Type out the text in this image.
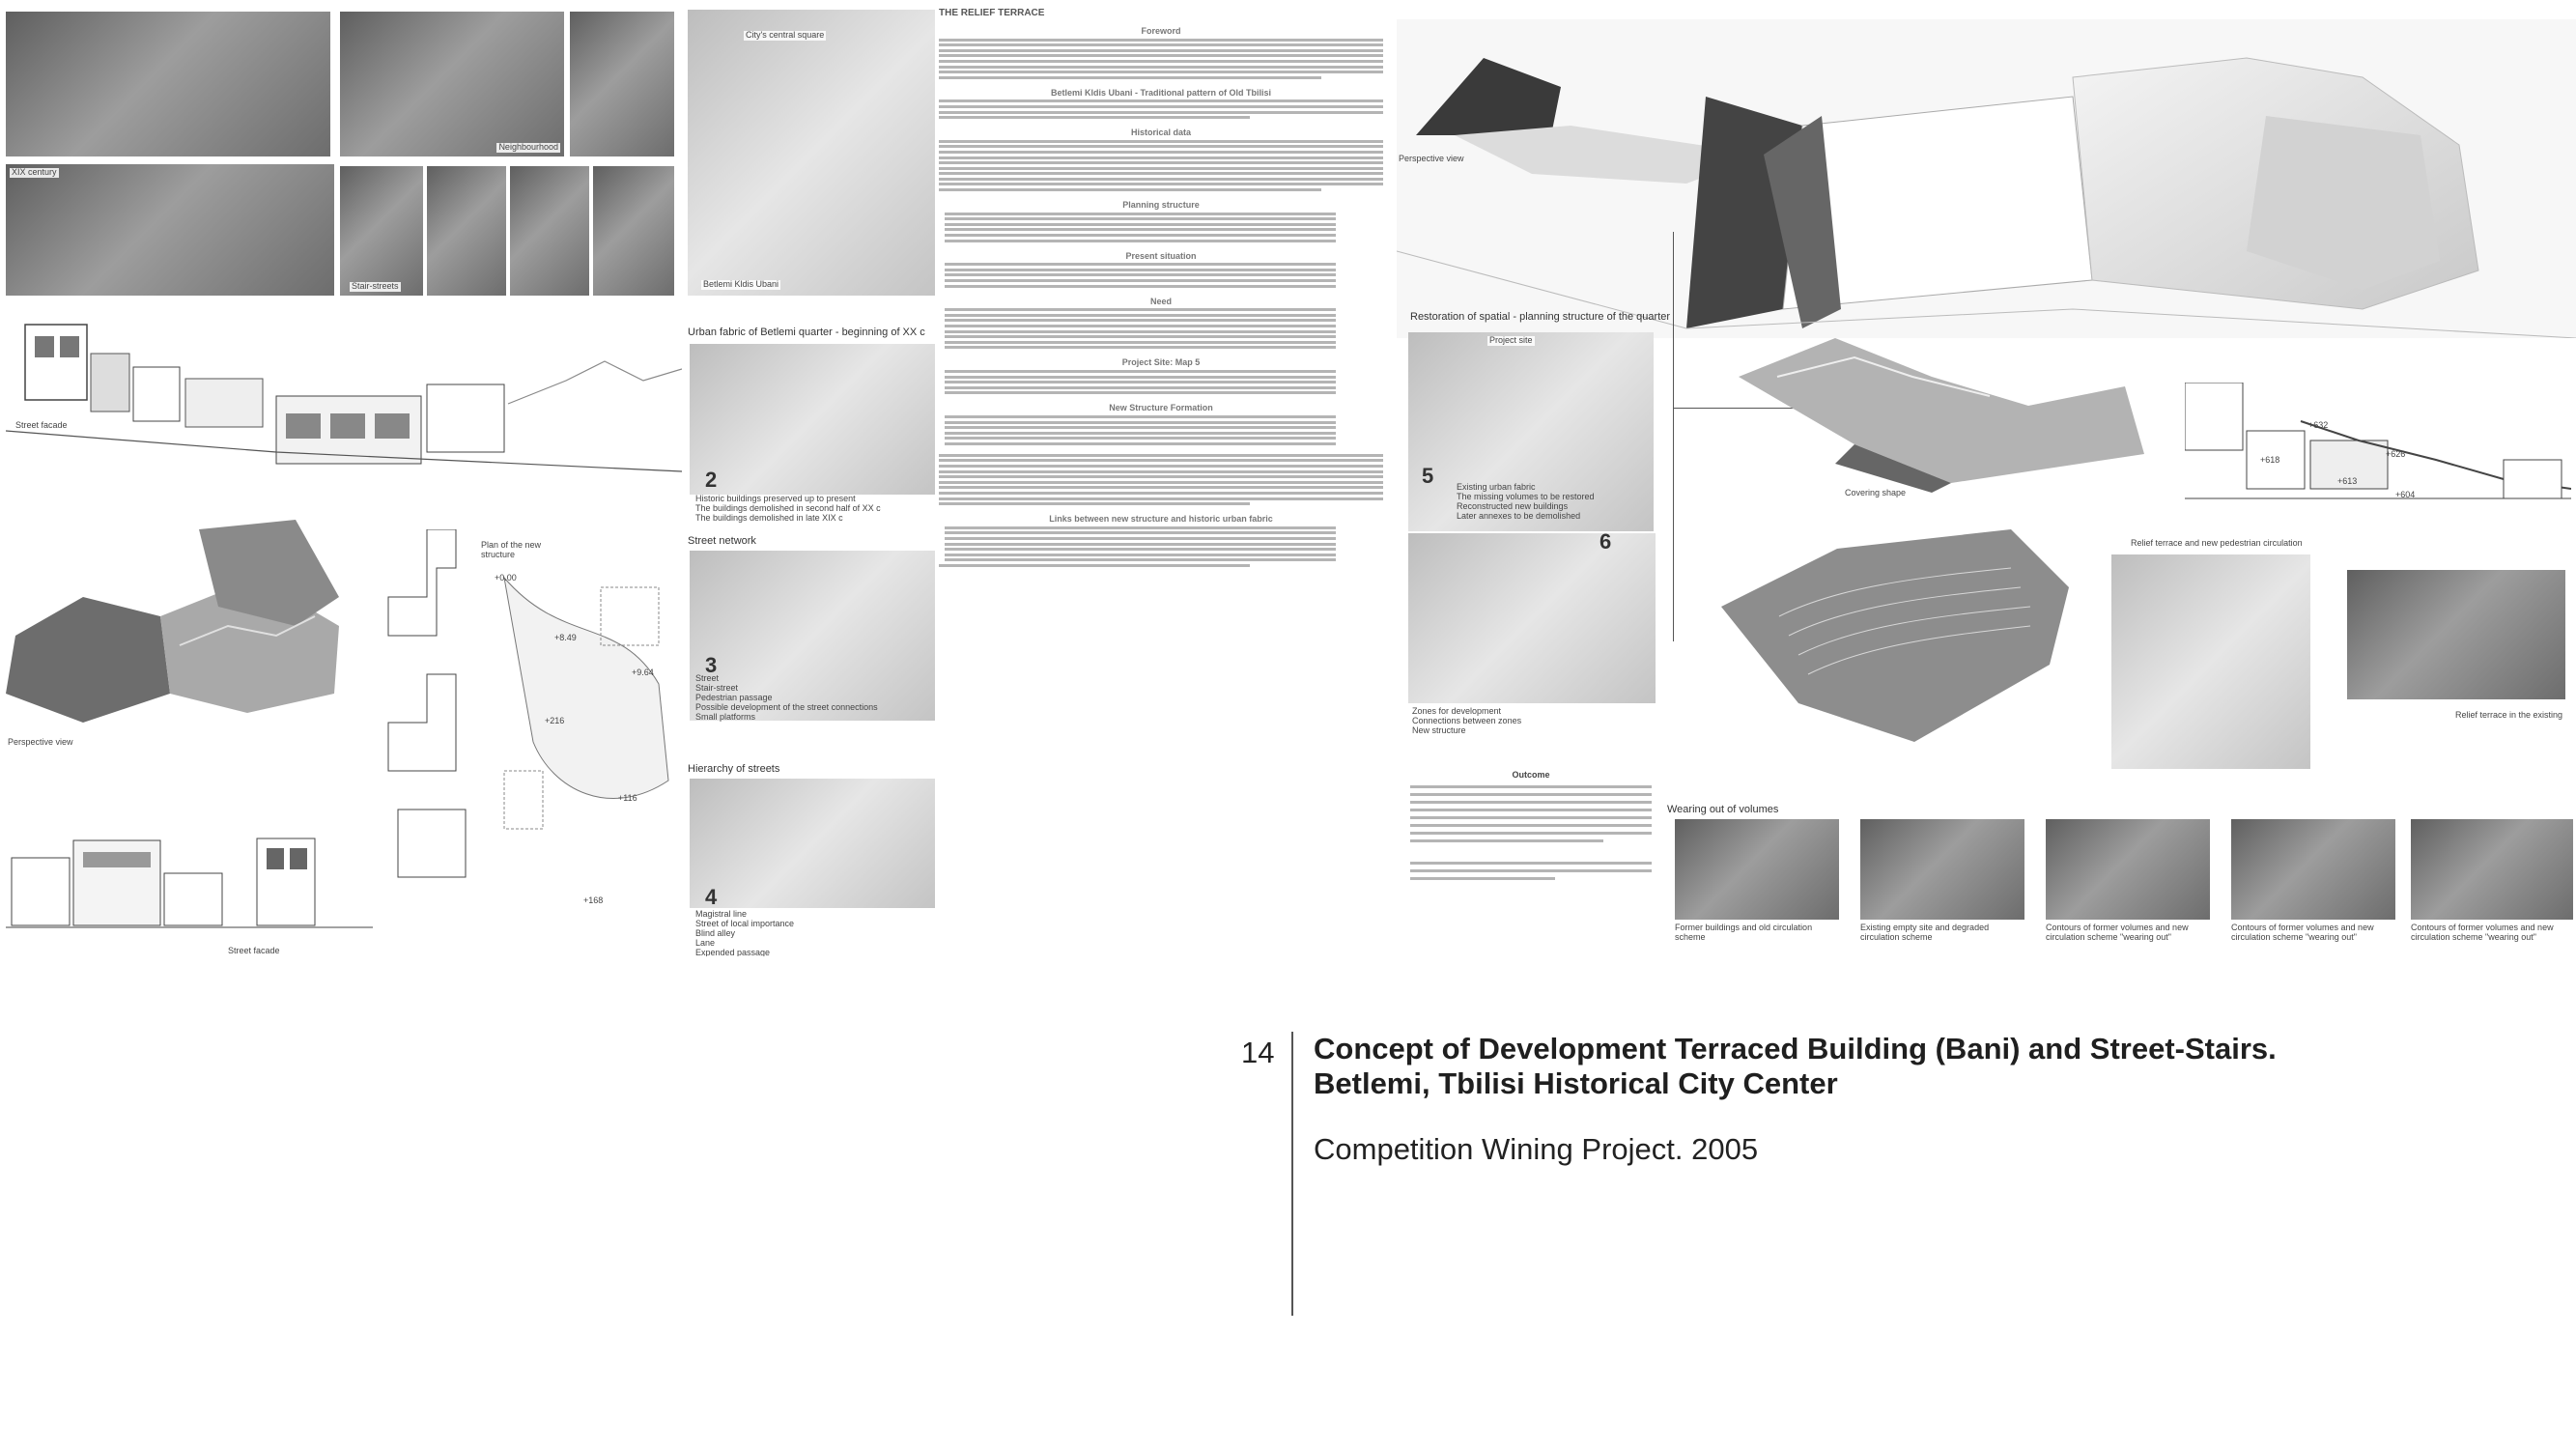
Neighbourhood
XIX century
Stair-streets
City's central square
Betlemi Kldis Ubani
Street facade
Perspective view
Plan of the new structure
+0.00
+8.49
+9.64
+216
+116
+168
Street facade
Urban fabric of Betlemi quarter - beginning of XX c
2
Historic buildings preserved up to present
The buildings demolished in second half of XX c
The buildings demolished in late XIX c
Street network
3
Street
Stair-street
Pedestrian passage
Possible development of the street connections
Small platforms
Hierarchy of streets
4
Magistral line
Street of local importance
Blind alley
Lane
Expended passage
THE RELIEF TERRACE
Foreword
Betlemi Kldis Ubani - Traditional pattern of Old Tbilisi
Historical data
Planning structure
Present situation
Need
Project Site: Map 5
New Structure Formation
Links between new structure and historic urban fabric
Perspective view
Restoration of spatial - planning structure of the quarter
Project site
5	Existing urban fabric
The missing volumes to be restored
Reconstructed new buildings
Later annexes to be demolished
6
Zones for development
Connections between zones
New structure
Covering shape
+632
+626
+618
+613
+604
Relief terrace and new pedestrian circulation
Relief terrace in the existing
Outcome
Wearing out of volumes
Former buildings and old circulation scheme
Existing empty site and degraded circulation scheme
Contours of former volumes and new circulation scheme "wearing out"
Contours of former volumes and new circulation scheme "wearing out"
Contours of former volumes and new circulation scheme "wearing out"
14 Concept of Development Terraced Building (Bani) and Street-Stairs.

Betlemi, Tbilisi Historical City Center

Competition Wining Project. 2005
